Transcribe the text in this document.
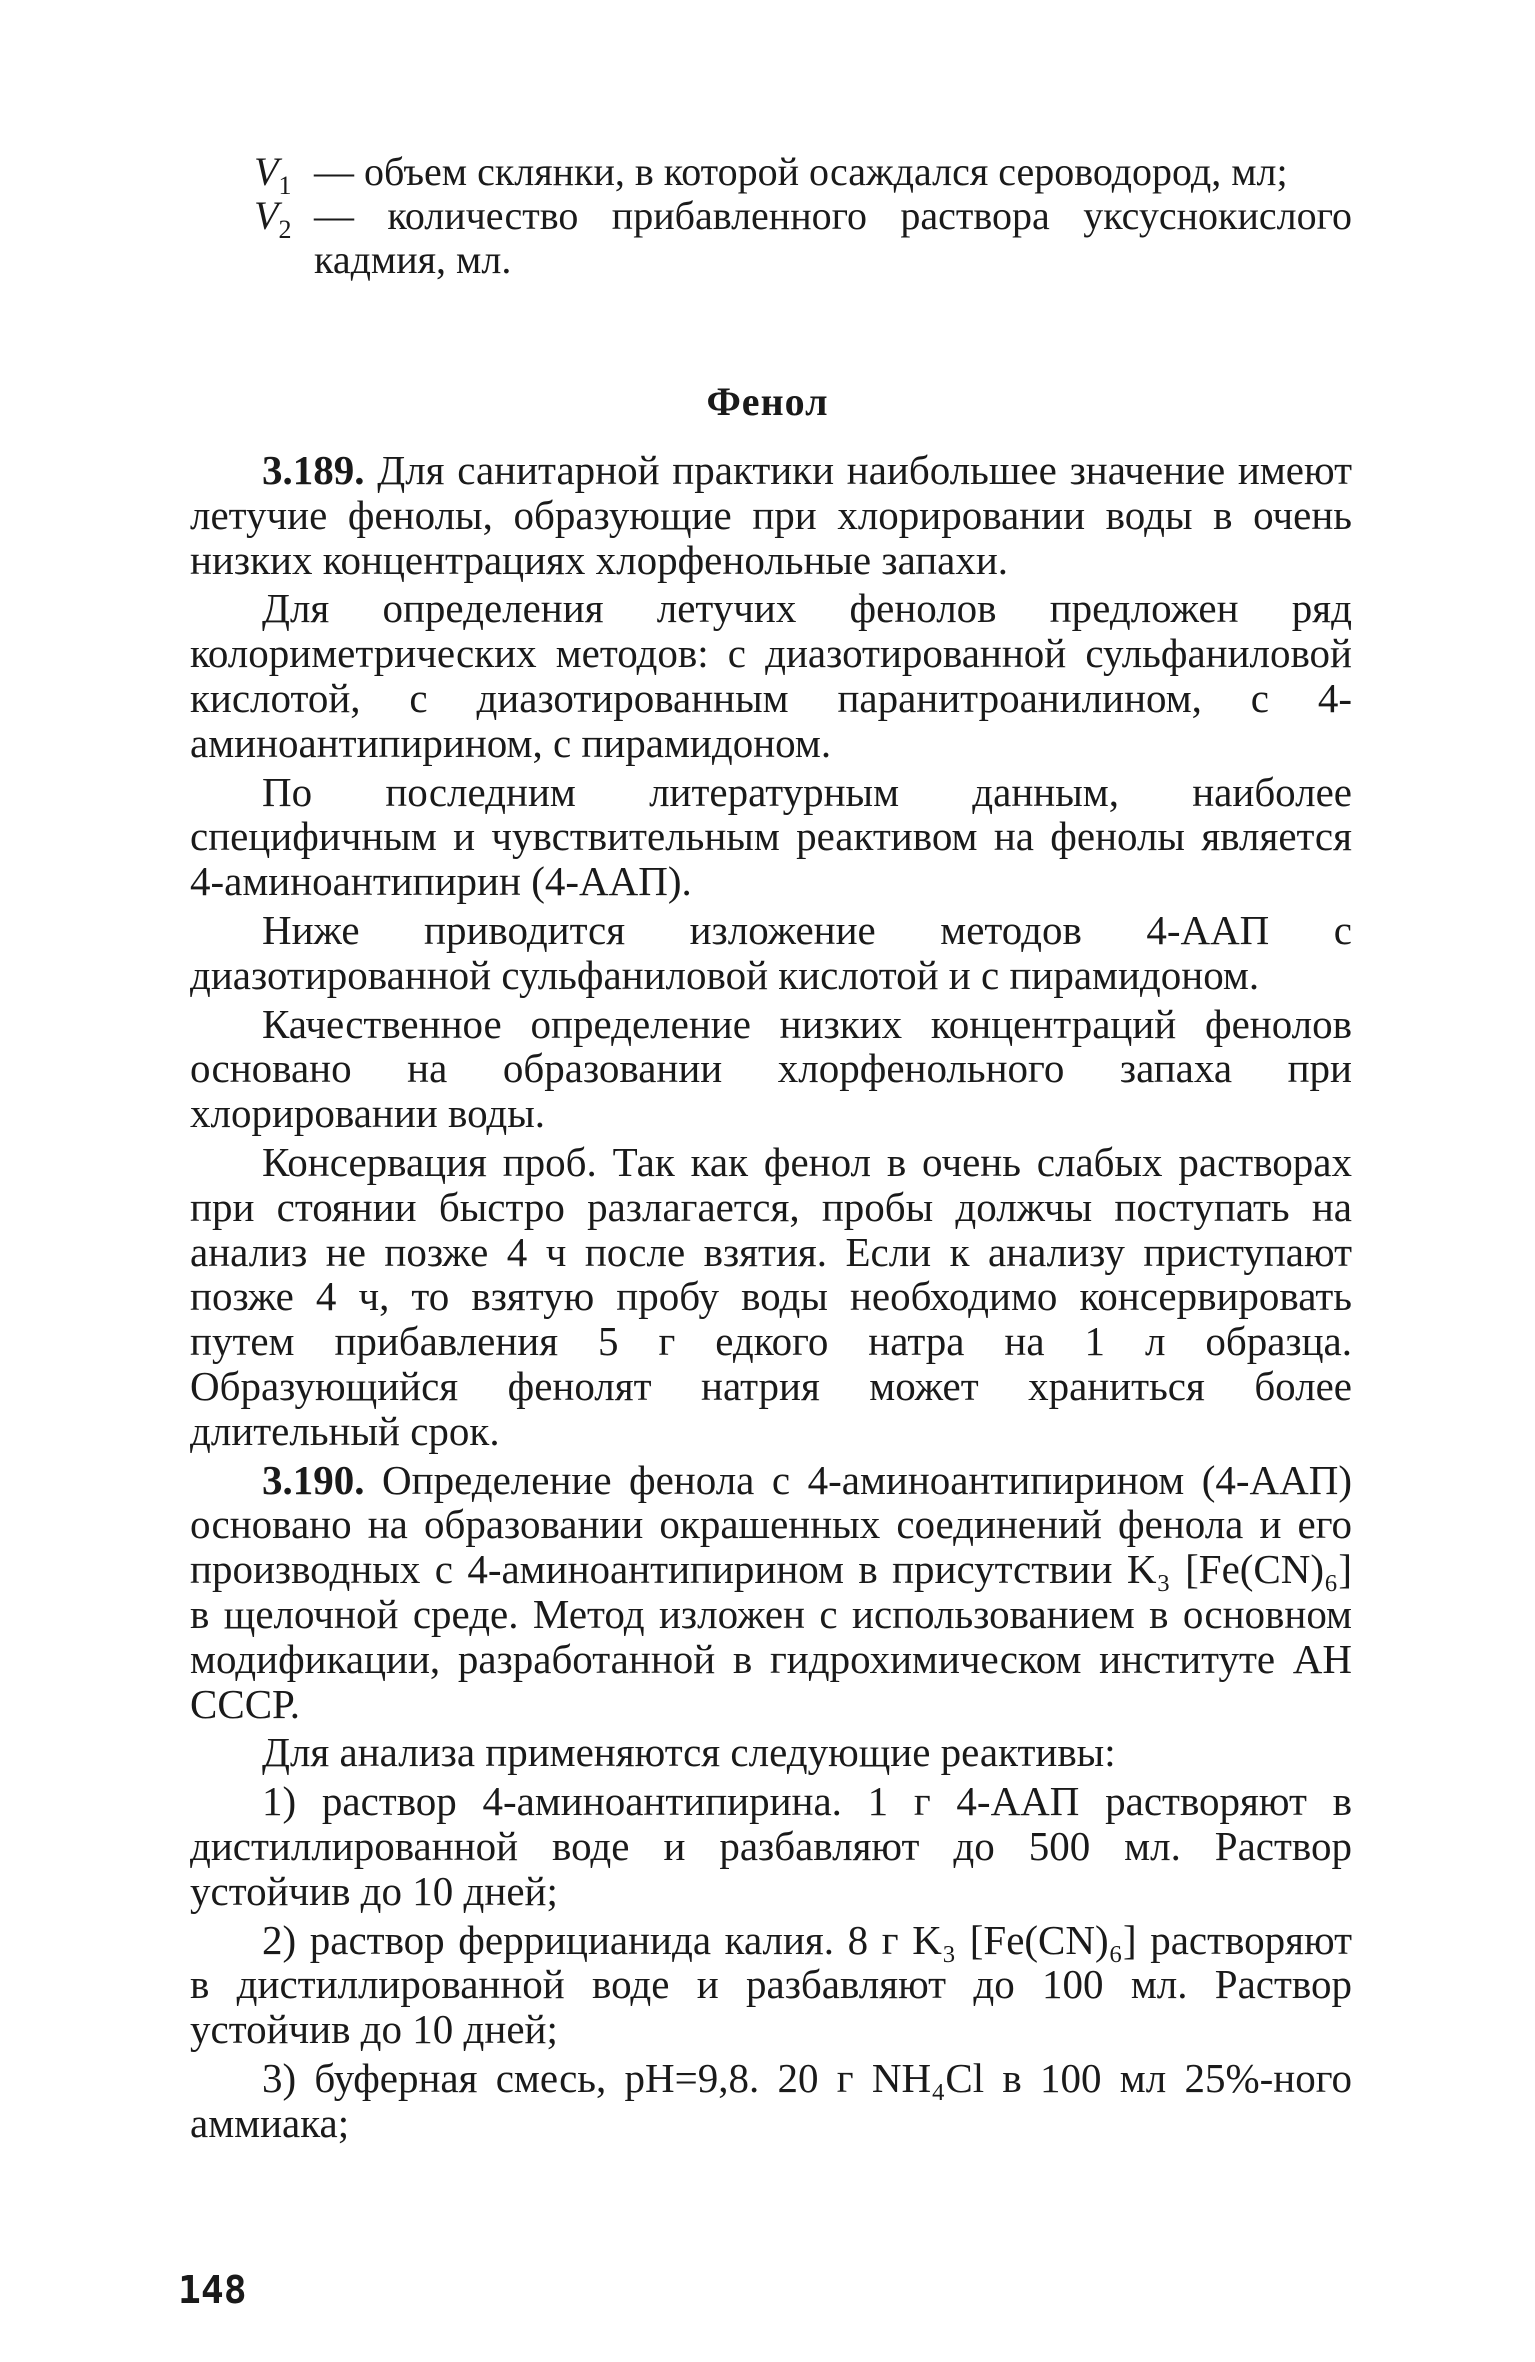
$V_1$ — объем склянки, в которой осаждался сероводород, мл;
$V_2$ — количество прибавленного раствора уксуснокислого кадмия, мл.
Фенол

3.189. Для санитарной практики наибольшее значение имеют летучие фенолы, образующие при хлорировании воды в очень низких концентрациях хлорфенольные запахи.

Для определения летучих фенолов предложен ряд колориметрических методов: с диазотированной сульфаниловой кислотой, с диазотированным паранитроанилином, с 4-аминоантипирином, с пирамидоном.

По последним литературным данным, наиболее специфичным и чувствительным реактивом на фенолы является 4-аминоантипирин (4-ААП).

Ниже приводится изложение методов 4-ААП с диазотированной сульфаниловой кислотой и с пирамидоном.

Качественное определение низких концентраций фенолов основано на образовании хлорфенольного запаха при хлорировании воды.

Консервация проб. Так как фенол в очень слабых растворах при стоянии быстро разлагается, пробы должчы поступать на анализ не позже 4 ч после взятия. Если к анализу приступают позже 4 ч, то взятую пробу воды необходимо консервировать путем прибавления 5 г едкого натра на 1 л образца. Образующийся фенолят натрия может храниться более длительный срок.

3.190. Определение фенола с 4-аминоантипирином (4-ААП) основано на образовании окрашенных соединений фенола и его производных с 4-аминоантипирином в присутствии K₃ [Fe(CN)₆] в щелочной среде. Метод изложен с использованием в основном модификации, разработанной в гидрохимическом институте АН СССР.

Для анализа применяются следующие реактивы:

1) раствор 4-аминоантипирина. 1 г 4-ААП растворяют в дистиллированной воде и разбавляют до 500 мл. Раствор устойчив до 10 дней;

2) раствор феррицианида калия. 8 г K₃ [Fe(CN)₆] растворяют в дистиллированной воде и разбавляют до 100 мл. Раствор устойчив до 10 дней;

3) буферная смесь, pH=9,8. 20 г NH₄Cl в 100 мл 25%-ного аммиака;

148
